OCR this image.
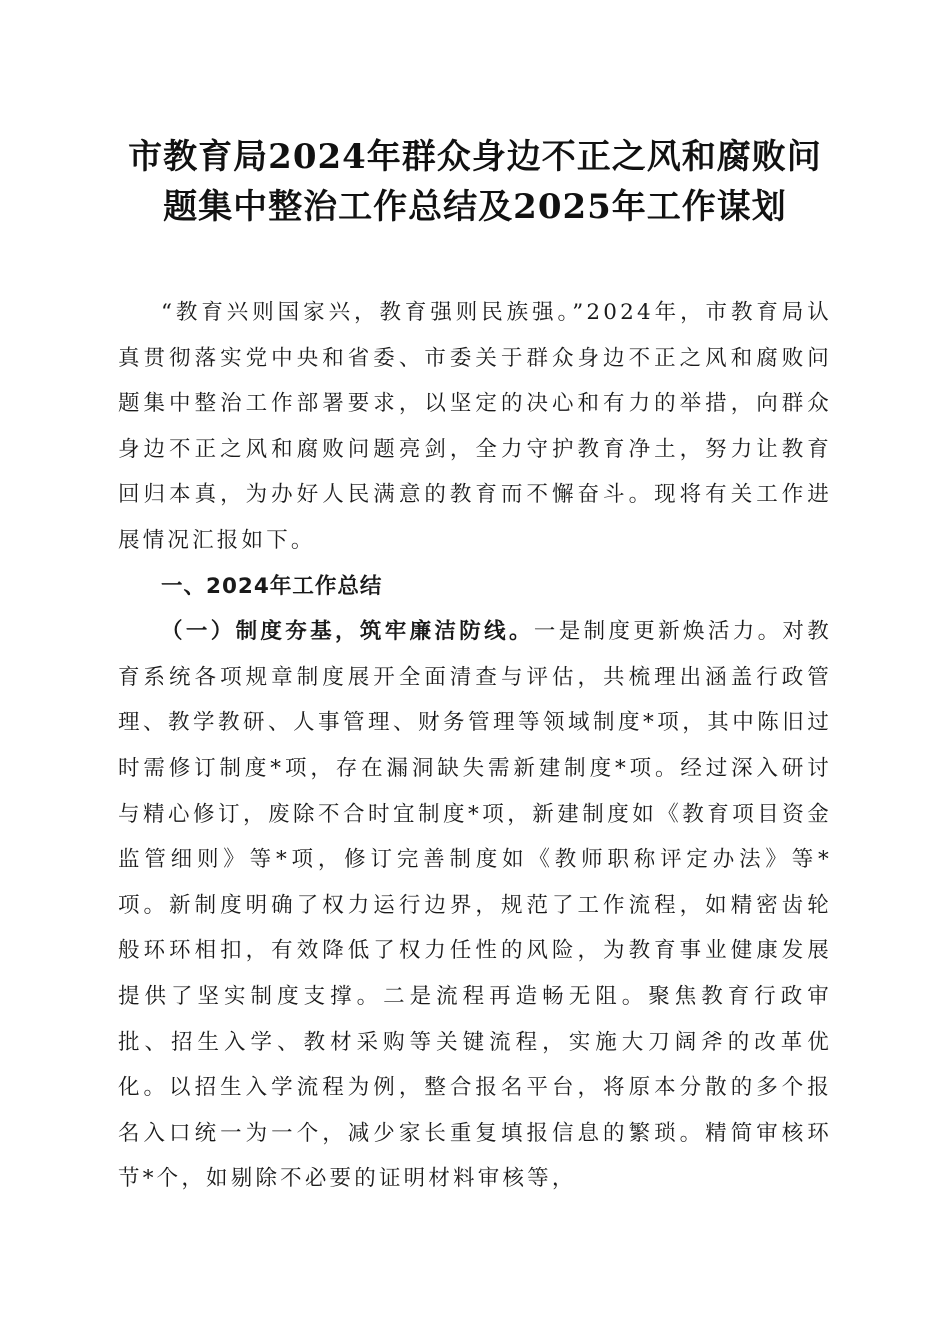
市教育局2024年群众身边不正之风和腐败问
题集中整治工作总结及2025年工作谋划

“教育兴则国家兴，教育强则民族强。”2024年，市教育局认真贯彻落实党中央和省委、市委关于群众身边不正之风和腐败问题集中整治工作部署要求，以坚定的决心和有力的举措，向群众身边不正之风和腐败问题亮剑，全力守护教育净土，努力让教育回归本真，为办好人民满意的教育而不懈奋斗。现将有关工作进展情况汇报如下。

一、2024年工作总结

（一）制度夯基，筑牢廉洁防线。一是制度更新焕活力。对教育系统各项规章制度展开全面清查与评估，共梳理出涵盖行政管理、教学教研、人事管理、财务管理等领域制度*项，其中陈旧过时需修订制度*项，存在漏洞缺失需新建制度*项。经过深入研讨与精心修订，废除不合时宜制度*项，新建制度如《教育项目资金监管细则》等*项，修订完善制度如《教师职称评定办法》等*项。新制度明确了权力运行边界，规范了工作流程，如精密齿轮般环环相扣，有效降低了权力任性的风险，为教育事业健康发展提供了坚实制度支撑。二是流程再造畅无阻。聚焦教育行政审批、招生入学、教材采购等关键流程，实施大刀阔斧的改革优化。以招生入学流程为例，整合报名平台，将原本分散的多个报名入口统一为一个，减少家长重复填报信息的繁琐。精简审核环节*个，如剔除不必要的证明材料审核等，
